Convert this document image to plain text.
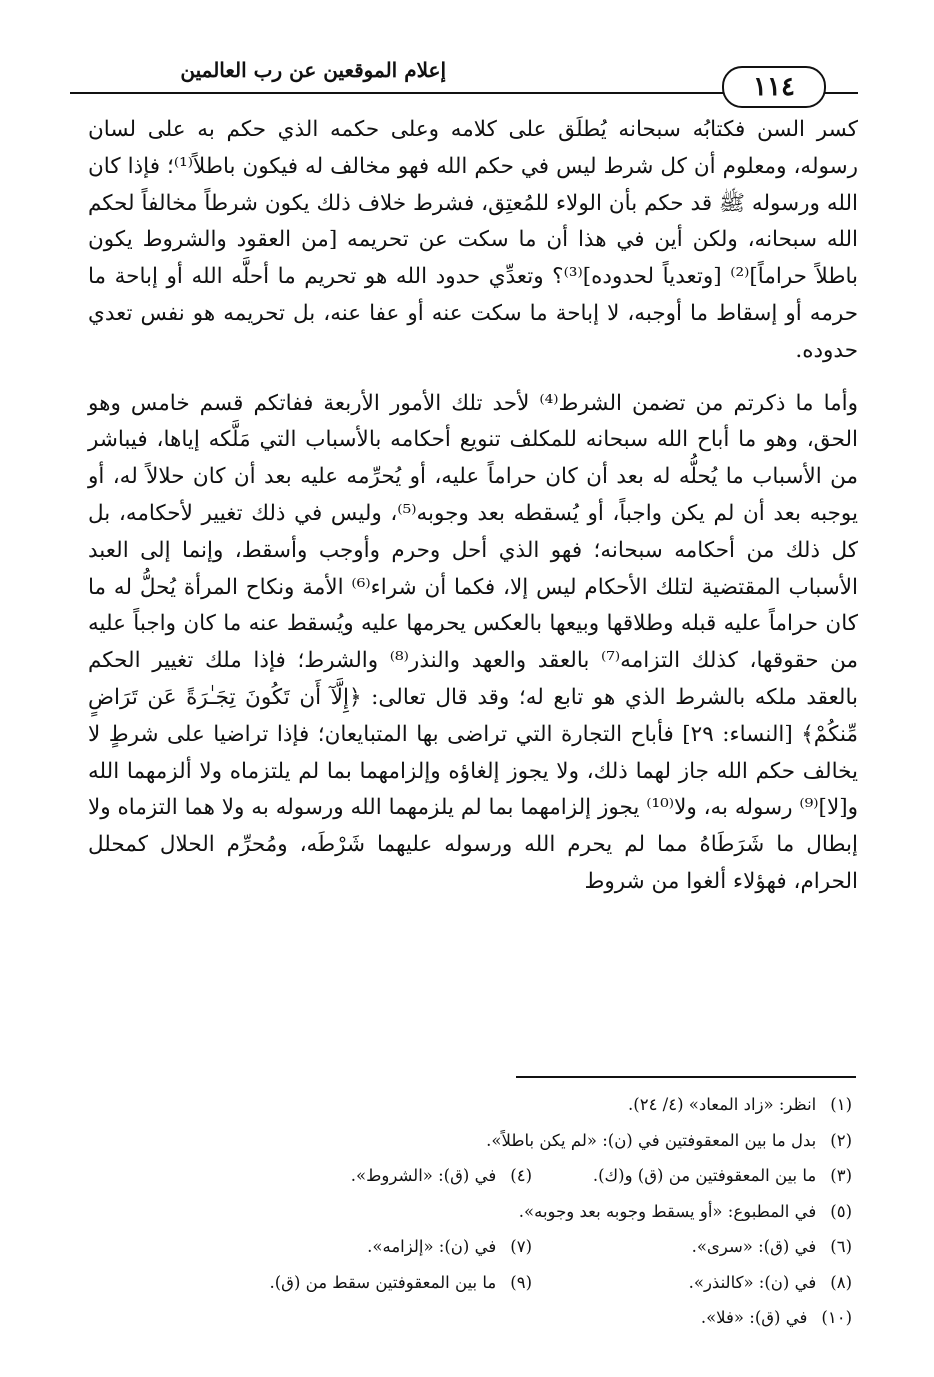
إعلام الموقعين عن رب العالمين
١١٤

كسر السن فكتابُه سبحانه يُطلَق على كلامه وعلى حكمه الذي حكم به على لسان رسوله، ومعلوم أن كل شرط ليس في حكم الله فهو مخالف له فيكون باطلاً⁽¹⁾؛ فإذا كان الله ورسوله ﷺ قد حكم بأن الولاء للمُعتِق، فشرط خلاف ذلك يكون شرطاً مخالفاً لحكم الله سبحانه، ولكن أين في هذا أن ما سكت عن تحريمه [من العقود والشروط يكون باطلاً حراماً]⁽²⁾ [وتعدياً لحدوده]⁽³⁾؟ وتعدِّي حدود الله هو تحريم ما أحلَّه الله أو إباحة ما حرمه أو إسقاط ما أوجبه، لا إباحة ما سكت عنه أو عفا عنه، بل تحريمه هو نفس تعدي حدوده.

وأما ما ذكرتم من تضمن الشرط⁽⁴⁾ لأحد تلك الأمور الأربعة ففاتكم قسم خامس وهو الحق، وهو ما أباح الله سبحانه للمكلف تنويع أحكامه بالأسباب التي مَلَّكه إياها، فيباشر من الأسباب ما يُحلُّه له بعد أن كان حراماً عليه، أو يُحرِّمه عليه بعد أن كان حلالاً له، أو يوجبه بعد أن لم يكن واجباً، أو يُسقطه بعد وجوبه⁽⁵⁾، وليس في ذلك تغيير لأحكامه، بل كل ذلك من أحكامه سبحانه؛ فهو الذي أحل وحرم وأوجب وأسقط، وإنما إلى العبد الأسباب المقتضية لتلك الأحكام ليس إلا، فكما أن شراء⁽⁶⁾ الأمة ونكاح المرأة يُحلُّ له ما كان حراماً عليه قبله وطلاقها وبيعها بالعكس يحرمها عليه ويُسقط عنه ما كان واجباً عليه من حقوقها، كذلك التزامه⁽⁷⁾ بالعقد والعهد والنذر⁽⁸⁾ والشرط؛ فإذا ملك تغيير الحكم بالعقد ملكه بالشرط الذي هو تابع له؛ وقد قال تعالى: ﴿إِلَّآ أَن تَكُونَ تِجَـٰرَةً عَن تَرَاضٍ مِّنكُمْ﴾ [النساء: ٢٩] فأباح التجارة التي تراضى بها المتبايعان؛ فإذا تراضيا على شرطٍ لا يخالف حكم الله جاز لهما ذلك، ولا يجوز إلغاؤه وإلزامهما بما لم يلتزماه ولا ألزمهما الله و[لا]⁽⁹⁾ رسوله به، ولا⁽¹⁰⁾ يجوز إلزامهما بما لم يلزمهما الله ورسوله به ولا هما التزماه ولا إبطال ما شَرَطَاهُ مما لم يحرم الله ورسوله عليهما شَرْطَه، ومُحرِّم الحلال كمحلل الحرام، فهؤلاء ألغوا من شروط

(١)انظر: «زاد المعاد» (٤/ ٢٤).
(٢)بدل ما بين المعقوفتين في (ن): «لم يكن باطلاً».
(٣)ما بين المعقوفتين من (ق) و(ك).(٤)في (ق): «الشروط».
(٥)في المطبوع: «أو يسقط وجوبه بعد وجوبه».
(٦)في (ق): «سرى».(٧)في (ن): «إلزامه».
(٨)في (ن): «كالنذر».(٩)ما بين المعقوفتين سقط من (ق).
(١٠)في (ق): «فلا».
